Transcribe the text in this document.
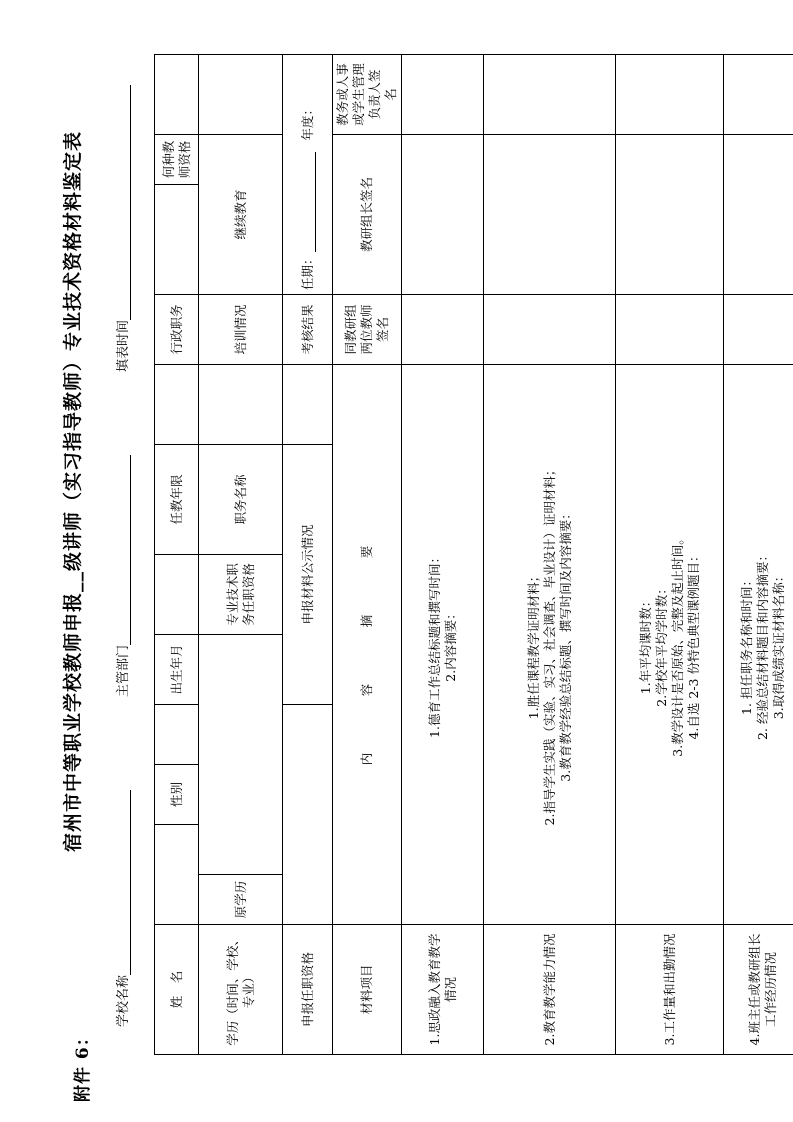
附件 6：
宿州市中等职业学校教师申报__级讲师（实习指导教师）专业技术资格材料鉴定表
学校名称
主管部门
填表时间
姓　名			性别		出生年月		任教年限		行政职务		何种教师资格	
学历（时间、学校、专业）	原学历					专业技术职务任职资格	职务名称		培训情况	继续教育		
申报任职资格					申报材料公示情况				考核结果	任期：   年度：		
材料项目	内　容　摘　要								同教研组两位教师签名	教研组长签名		教务或人事或学生管理负责人签　名
1.思政融入教育教学情况	1.德育工作总结标题和撰写时间： 2.内容摘要：											

2.教育教学能力情况	1.胜任课程教学证明材料； 2.指导学生实践（实验、实习、社会调查、毕业设计）证明材料； 3.教育教学经验总结标题、撰写时间及内容摘要：											

3.工作量和出勤情况	1.年平均课时数： 2.学校年平均学时数： 3.教学设计是否原始、完整及起止时间。 4.自选 2-3 份特色典型课例题目：											

4.班主任或教研组长工作经历情况	1. 担任职务名称和时间： 2. 经验总结材料题目和内容摘要： 3.取得成绩实证材料名称：											
